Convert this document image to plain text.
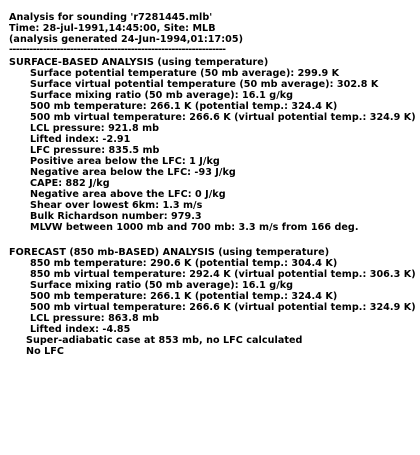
Analysis for sounding 'r7281445.mlb'
Time: 28-jul-1991,14:45:00, Site: MLB
(analysis generated 24-Jun-1994,01:17:05)
----------------------------------------------------------------
SURFACE-BASED ANALYSIS (using temperature)
Surface potential temperature (50 mb average): 299.9 K
Surface virtual potential temperature (50 mb average): 302.8 K
Surface mixing ratio (50 mb average): 16.1 g/kg
500 mb temperature: 266.1 K (potential temp.: 324.4 K)
500 mb virtual temperature: 266.6 K (virtual potential temp.: 324.9 K)
LCL pressure: 921.8 mb
Lifted index: -2.91
LFC pressure: 835.5 mb
Positive area below the LFC: 1 J/kg
Negative area below the LFC: -93 J/kg
CAPE: 882 J/kg
Negative area above the LFC: 0 J/kg
Shear over lowest 6km: 1.3 m/s
Bulk Richardson number: 979.3
MLVW between 1000 mb and 700 mb: 3.3 m/s from 166 deg.
FORECAST (850 mb-BASED) ANALYSIS (using temperature)
850 mb temperature: 290.6 K (potential temp.: 304.4 K)
850 mb virtual temperature: 292.4 K (virtual potential temp.: 306.3 K)
Surface mixing ratio (50 mb average): 16.1 g/kg
500 mb temperature: 266.1 K (potential temp.: 324.4 K)
500 mb virtual temperature: 266.6 K (virtual potential temp.: 324.9 K)
LCL pressure: 863.8 mb
Lifted index: -4.85
Super-adiabatic case at 853 mb, no LFC calculated
No LFC
